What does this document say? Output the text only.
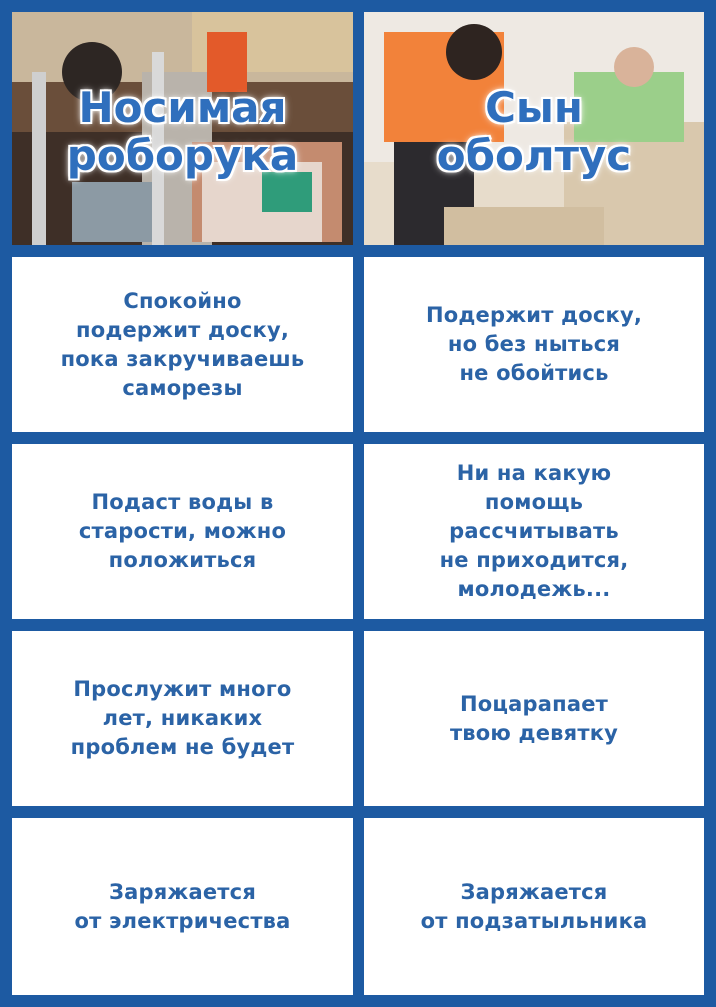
Носимая
роборука
Сын
оболтус
Спокойно
подержит доску,
пока закручиваешь
саморезы
Подержит доску,
но без ныться
не обойтись
Подаст воды в
старости, можно
положиться
Ни на какую
помощь
рассчитывать
не приходится,
молодежь...
Прослужит много
лет, никаких
проблем не будет
Поцарапает
твою девятку
Заряжается
от электричества
Заряжается
от подзатыльника
